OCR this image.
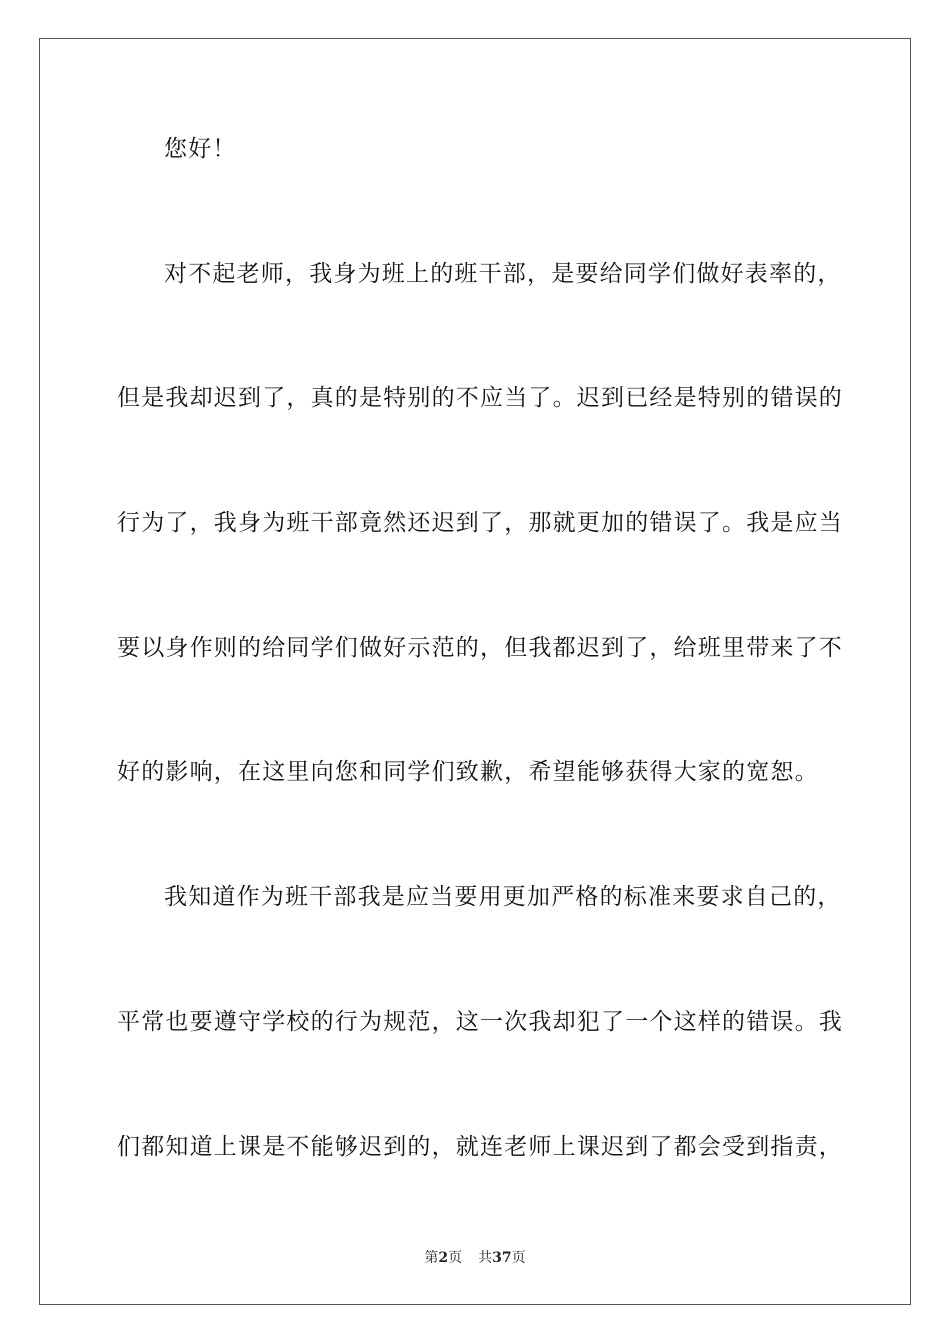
您好！
对不起老师，我身为班上的班干部，是要给同学们做好表率的，
但是我却迟到了，真的是特别的不应当了。迟到已经是特别的错误的
行为了，我身为班干部竟然还迟到了，那就更加的错误了。我是应当
要以身作则的给同学们做好示范的，但我都迟到了，给班里带来了不
好的影响，在这里向您和同学们致歉，希望能够获得大家的宽恕。
我知道作为班干部我是应当要用更加严格的标准来要求自己的，
平常也要遵守学校的行为规范，这一次我却犯了一个这样的错误。我
们都知道上课是不能够迟到的，就连老师上课迟到了都会受到指责，
第2页 共37页
